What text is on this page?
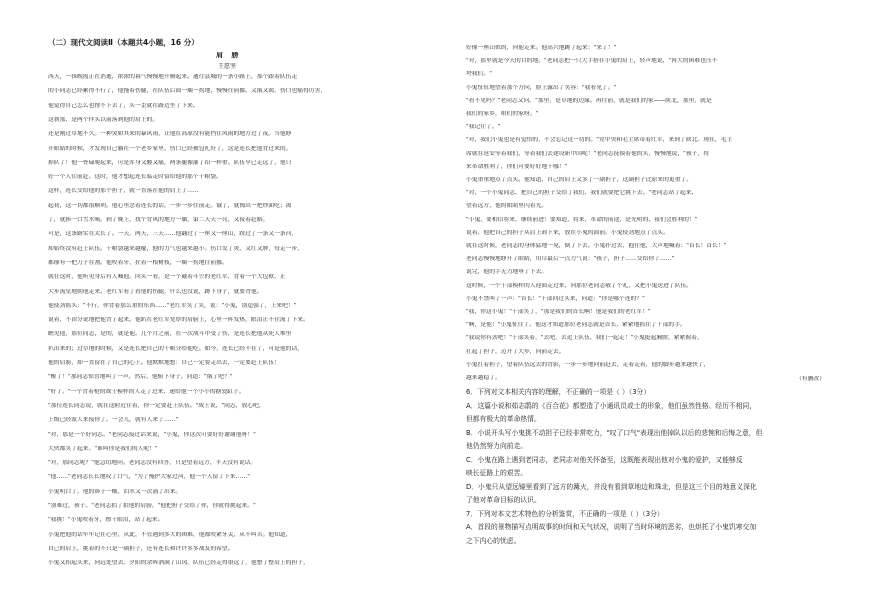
（二）现代文阅读Ⅱ（本题共4小题，16 分）
肩 膀
王愿坚
西天，一抹晚霞正在消逝，浓浓的暮气慢慢地升腾起来。通往县城的一条小路上，那个跟着队伍走
的小同志已经累得不行了，他拖着伤腿，在队伍后面一瘸一拐地，慢慢往前挪。又饿又渴，伤口也痛得厉害，
他觉得自己怎么也撑不下去了，头一歪就在路边坐了下来。
这刹那，是两个伴头以前落到他的肩上的。
还是刚过草地不久。一种突如其来的暴风雨，让他在高原没有能挡住风雨的地方过了夜。当他睁
开眼睛的时候，才发现自己躺在一个老乡家里，伤口已经被包扎好了，这是连长把他背过来的。
掉队了！他一骨碌爬起来，可是浑身又酸又痛，两条腿像灌了铅一样重。队伍早已走远了，他只
好一个人往前赶。这时，他才想起连长临走时留给他的那个干粮袋。
这样，连长交给他的那个担子，就一直落在他的肩上了……
起初，这一切都很顺利。他心里念着连长的话，一步一步往前走。饿了，就掏出一把炒面吃；渴
了，就捧一口雪水喝。到了晚上，找个背风的地方一躺，第二天天一亮，又接着赶路。
可是，这条路实在太长了。一天，两天，三天……他翻过了一座又一座山，蹚过了一条又一条河，
却始终没有赶上队伍。干粮袋越来越瘪，他的力气也越来越小。伤口发了炎，又红又肿，每走一步，
都像有一把刀子在割。他咬着牙，拄着一根树枝，一瘸一拐地往前挪。
就在这时，他听见身后有人喊他。回头一看，是一个戴着斗笠的老红军，背着一个大包袱，正
大步流星地朝他走来。老红军看了看他的伤腿，什么也没说，蹲下身子，就要背他。
他使劲摇头："不行，你背着那么重的东西……"老红军笑了笑，说："小鬼，别逞强了，上来吧！"
说着，不由分说地把他背了起来。他趴在老红军宽厚的肩膀上，心里一阵发热，眼泪止不住流了下来。
瞧见他，那位同志，是的，就是他。几个月之前，在一次战斗中受了伤，是连长把他从死人堆里
扒出来的；过草地的时候，又是连长把自己的干粮分给他吃。如今，连长已经不在了，可是他的话，
他的肩膀，却一直留在了自己的心上。他默默地想：自己一定要走出去，一定要赶上队伍！
"醒了！"那同志惊喜地叫了一声，然后，他俯下身子，问道："饿了吧？"
"好了。"一个背着枪的战士模样的人走了过来，递给他一个小小的搪瓷缸子。
"那位连长同志说，就在这附近住着，你一定要赶上队伍。"战士说，"同志，放心吧，
上级已经派人来接你了。一会儿，就有人来了……"
"对，那是一个好同志。"老同志接过话来说，"小鬼，你这次可要好好谢谢他呀！"
大伙都笑了起来。"谁叫你是我们的人呢！"
"对，那同志呢？"他急切地问。老同志没有回答，只是望着远方，半天没有说话。
"他……"老同志长长地叹了口气，"为了掩护大家过河，他一个人留了下来……"
小鬼明白了。他的鼻子一酸，泪水又一次涌了出来。
"别难过，孩子。"老同志拍了拍他的肩膀，"他把担子交给了你，你就得挑起来。"
"我挑！"小鬼咬着牙，擦干眼泪，站了起来。
小鬼把他的话牢牢记在心里，从此，不管遇到多大的困难，他都咬紧牙关，从不叫苦。他知道，
自己的肩上，挑着的不只是一副担子，还有连长和许许多多战友的希望。
小鬼又抬起头来，向远处望去。夕阳的余晖洒满了山冈，队伍已经走得很远了，他整了整肩上的担子，
好像一座山似的，向他走来。他高兴地跳了起来："来了！"
"对，那里就是今天的目的地。"老同志把一只大手搭在小鬼的肩上，轻声地说，"再大的困难也压不
垮我们。"
小鬼怔怔地望着那个方向，脸上露出了笑容："我看见了。"
"看不见吗？"老同志又问。"那里，是草地的边缘。再往前，就是我们的家——陕北，那里，就是
我们的家乡，咱们的家呀。"
"我记住了。"
"对，我们小鬼也是有觉悟的，不会忘记这一切的。"党中央和毛主席带着红军，来到了陕北。现在，毛主
席就在延安等着我们，等着我们去建设新中国呢！"老同志抚摸着他的头，慢慢地说，"孩子，将
来革命胜利了，你们可要好好地干哪！"
小鬼重重地点了点头。他知道，自己的肩上又多了一副担子，这副担子比原来的更重了。
"对，一个小鬼同志，把自己的担子交给了我们，我们就要把它挑下去。"老同志站了起来，
望着远方，他的眼睛里闪着光。
"小鬼，要相信将来，继续前进！要知道，将来，革命的前途，是光明的，我们会胜利的！"
说着，他把自己的担子从肩上卸下来，放在小鬼的面前。小鬼使劲地点了点头。
就在这时候，老同志的身体猛地一晃，倒了下去。小鬼扑过去，抱住他，大声地喊着："首长！首长！"
老同志慢慢地睁开了眼睛，用尽最后一点力气说："孩子，担子……交给你了……"
说完，他的手无力地垂了下去。
这时候，一个干部模样的人迎面走过来，向那位老同志敬了个礼，又把小鬼送进了队伍。
小鬼不禁叫了一声："首长！"干部回过头来，问道："你是哪个连的？"
"我，你这小鬼！"干部笑了，"那是我们的首长啊！他是我们的老红军！"
"啊，是他！"小鬼怔住了，他这才知道那位老同志就是首长，紧紧地抓住了干部的手。
"我说你有劲吧！"干部笑着，"去吧，去追上队伍，我们一起走！"小鬼挺起胸膛，紧紧握着，
扛起了担子，迈开了大步，向前走去。
小鬼扛着担子，望着队伍远去的背影，一步一步地向前赶去，走着走着，他的脚步越来越快了，
越来越稳了。	（有删改）
6．下列对文本相关内容的理解，不正确的一项是（ ）（3分）
A．这篇小说和茹志鹃的《百合花》都塑造了小通讯员或士的形象，他们虽然性格、经历不相同，
但都有极大的革命热情。
B．小说开头写小鬼挑不动担子已经非常吃力，"叹了口气"表现出他掉队以后的悲惋和后悔之意，但
他仍然努力向前走。
C．小鬼在路上遇到老同志，老同志对他关怀备至，这既能表现出他对小鬼的爱护，又能够反
映长征路上的艰苦。
D．小鬼只从望远镜里看到了远方的篝火，并没有看到草地边和珠北，但是这三个目的地意义深化
了他对革命目标的认识。
7．下列对本文艺术特色的分析鉴赏，不正确的一项是（ ）（3分）
A．首段的景物描写点明故事的时间和天气状况，说明了当时环境的恶劣，也烘托了小鬼饥寒交加
之下内心的忧虑。
